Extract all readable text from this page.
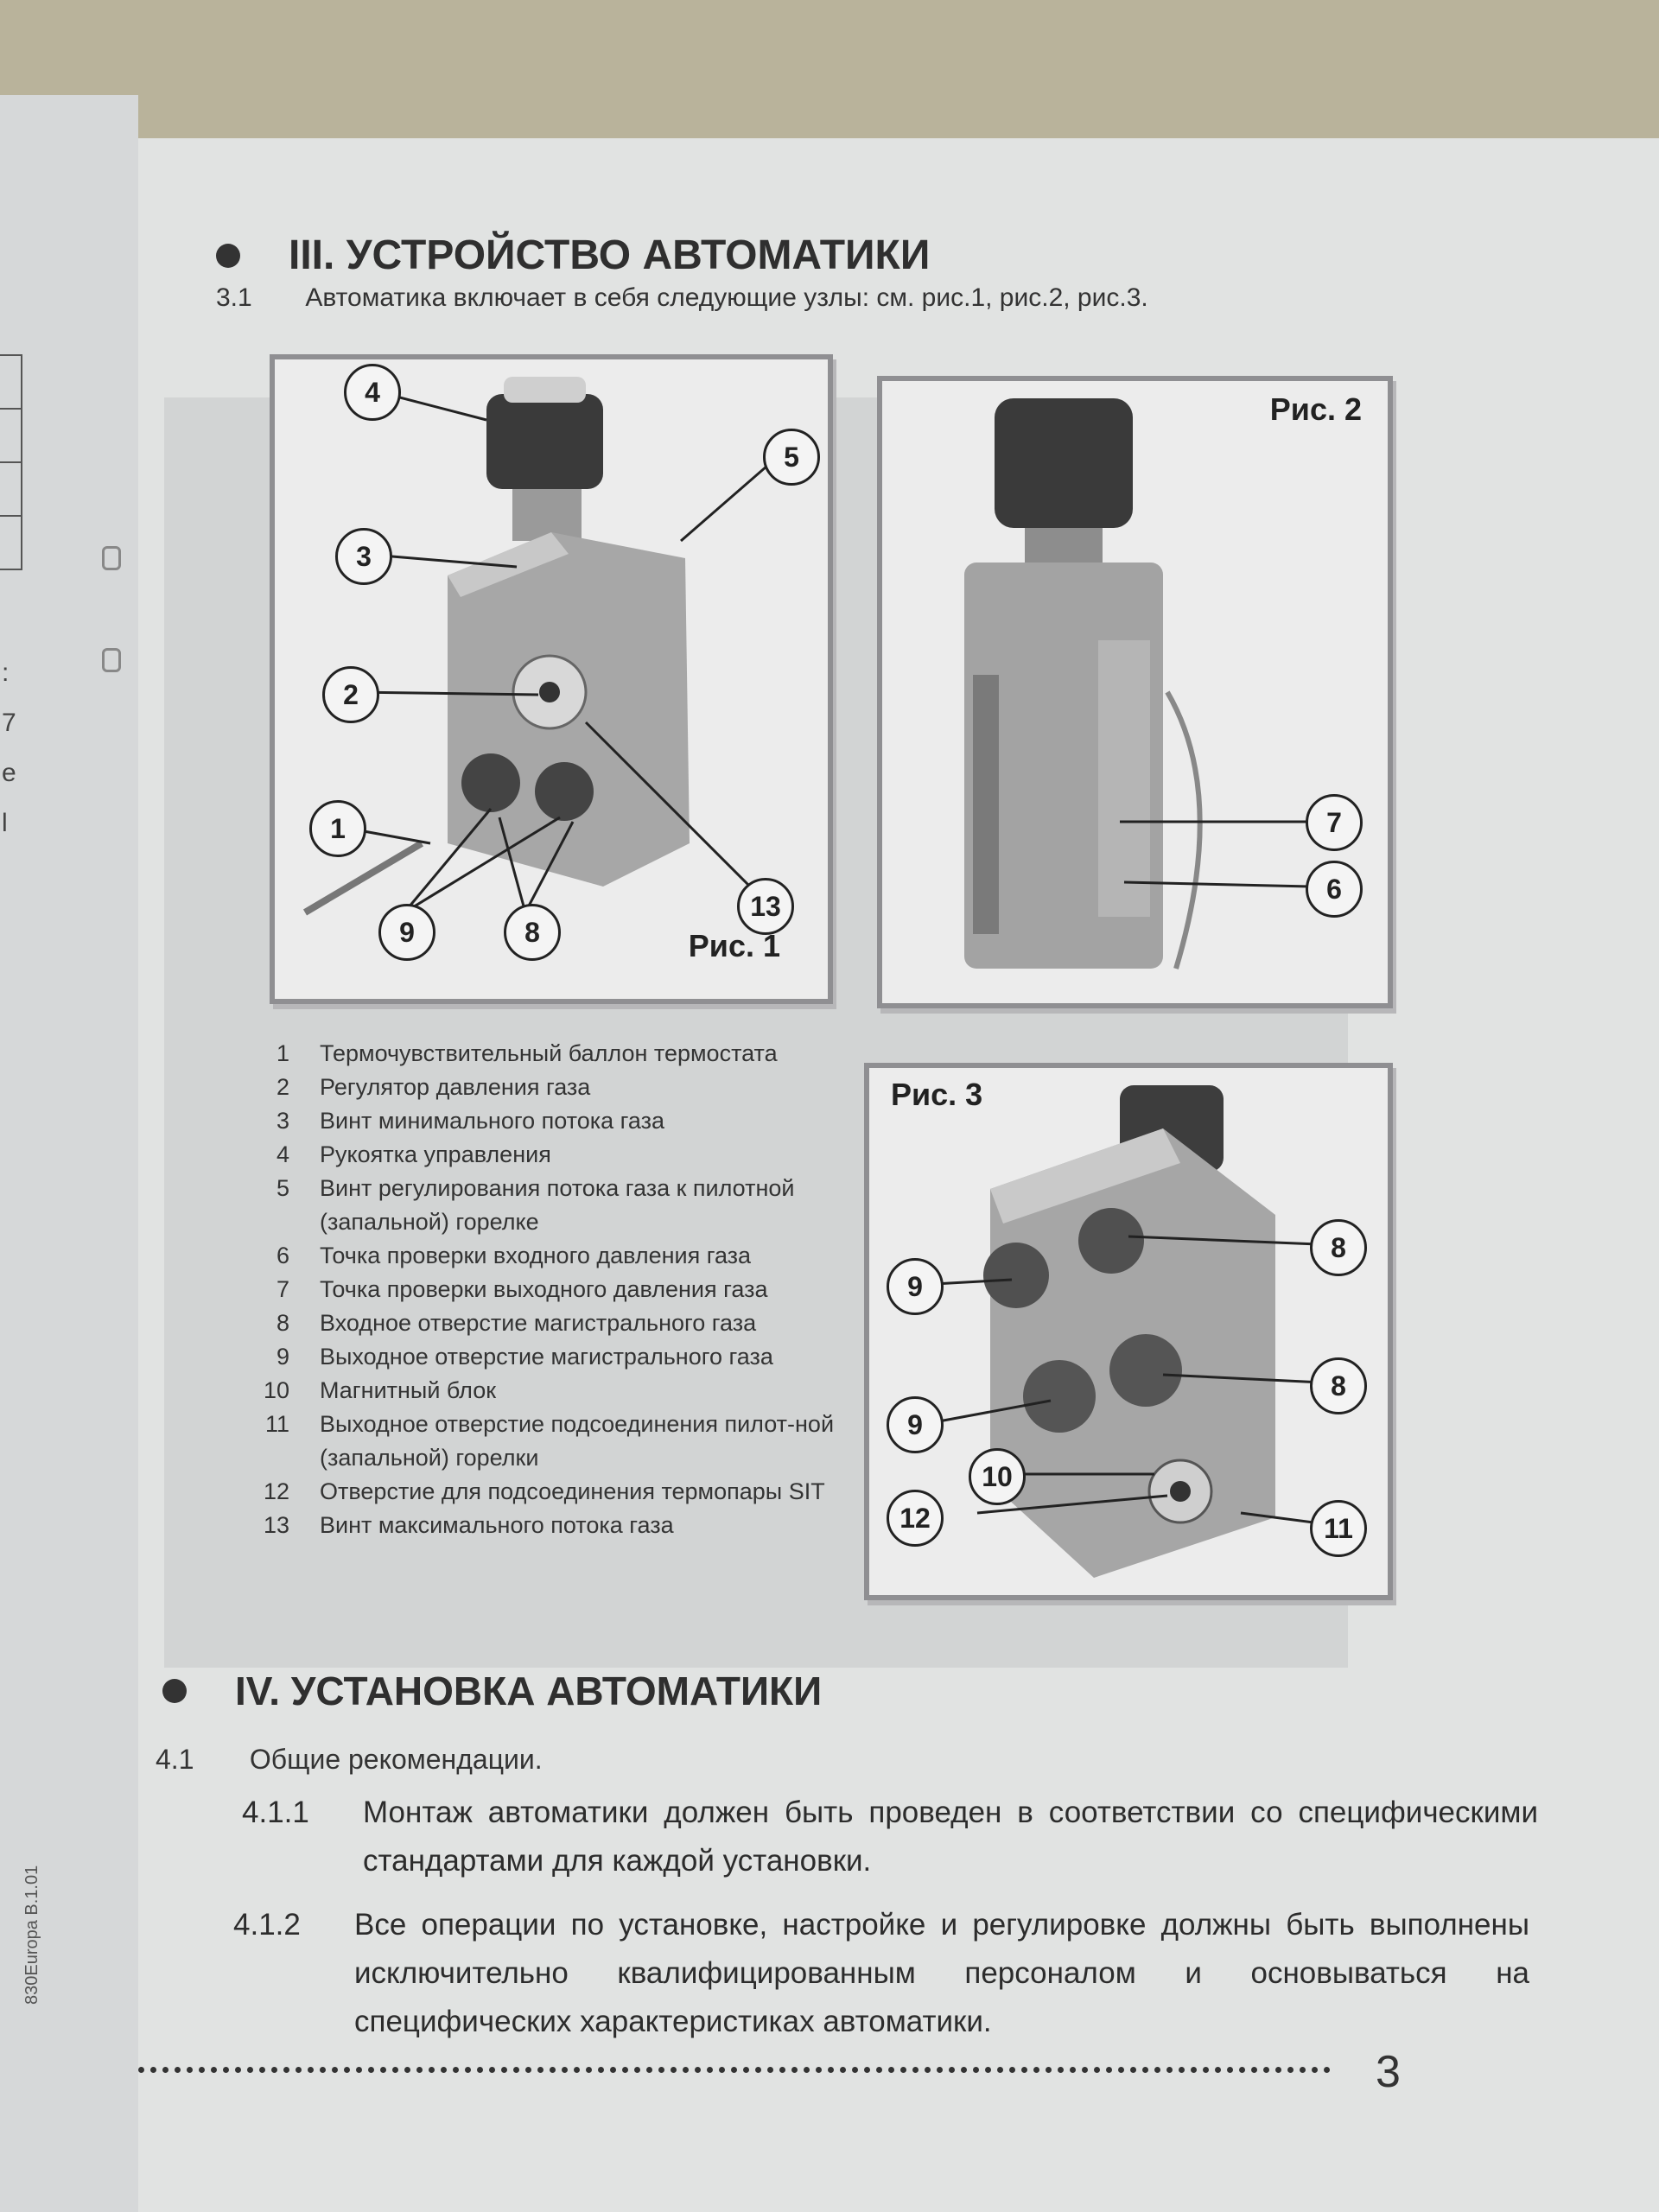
:
7
e
l
830Europa B.1.01
III. УСТРОЙСТВО АВТОМАТИКИ
3.1 Автоматика включает в себя следующие узлы: см. рис.1, рис.2, рис.3.
4
5
3
2
1
13
9	8	Рис. 1
7
6
Рис. 2
8
9
8
9
10
12	11
Рис. 3
1	Термочувствительный баллон термостата
2	Регулятор давления газа
3	Винт минимального потока газа
4	Рукоятка управления
5	Винт регулирования потока газа к пилотной (запальной) горелке
6	Точка проверки входного давления газа
7	Точка проверки выходного давления газа
8	Входное отверстие магистрального газа
9	Выходное отверстие магистрального газа
10	Магнитный блок
11	Выходное отверстие подсоединения пилот-ной (запальной) горелки
12	Отверстие для подсоединения термопары SIT
13	Винт максимального потока газа
IV. УСТАНОВКА АВТОМАТИКИ
4.1 Общие рекомендации.
4.1.1 Монтаж автоматики должен быть проведен в соответствии со специфическими стандартами для каждой установки.
4.1.2 Все операции по установке, настройке и регулировке должны быть выполнены исключительно квалифицированным персоналом и основываться на специфических характеристиках автоматики.
3
